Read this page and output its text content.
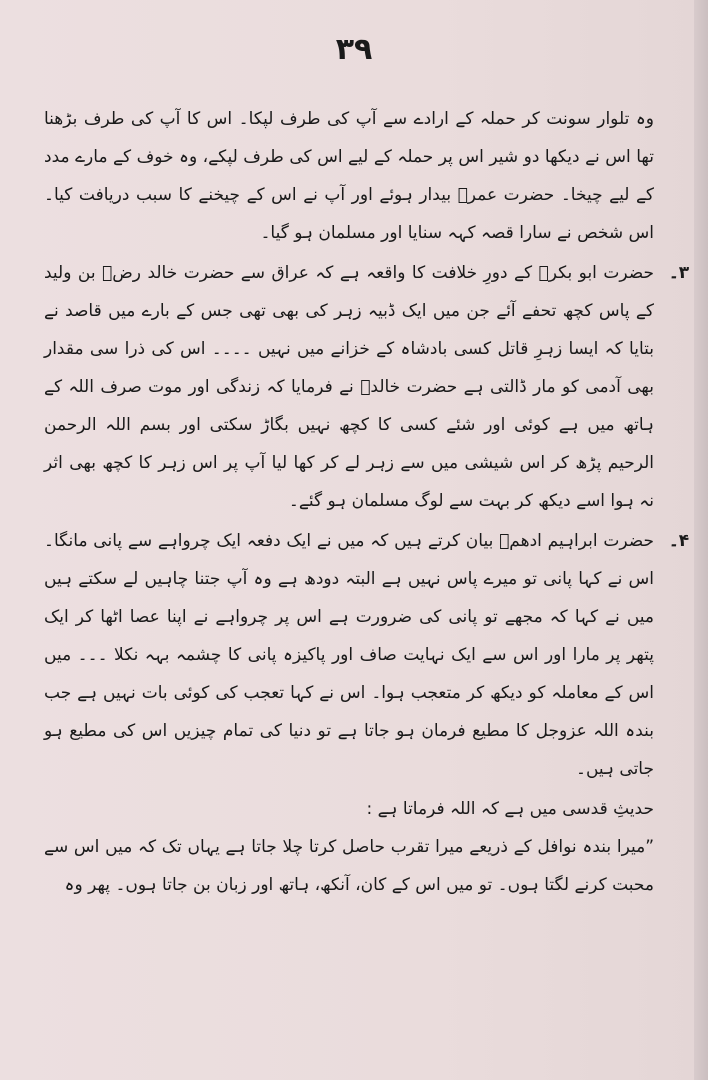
۳۹

وہ تلوار سونت کر حملہ کے ارادے سے آپ کی طرف لپکا۔ اس کا آپ کی طرف بڑھنا تھا اس نے دیکھا دو شیر اس پر حملہ کے لیے اس کی طرف لپکے، وہ خوف کے مارے مدد کے لیے چیخا۔ حضرت عمرؓ بیدار ہوئے اور آپ نے اس کے چیخنے کا سبب دریافت کیا۔ اس شخص نے سارا قصہ کہہ سنایا اور مسلمان ہو گیا۔

۳۔
حضرت ابو بکرؓ کے دورِ خلافت کا واقعہ ہے کہ عراق سے حضرت خالد رضؓ بن ولید کے پاس کچھ تحفے آئے جن میں ایک ڈبیہ زہر کی بھی تھی جس کے بارے میں قاصد نے بتایا کہ ایسا زہرِ قاتل کسی بادشاہ کے خزانے میں نہیں ۔۔۔۔ اس کی ذرا سی مقدار بھی آدمی کو مار ڈالتی ہے حضرت خالدؓ نے فرمایا کہ زندگی اور موت صرف اللہ کے ہاتھ میں ہے کوئی اور شئے کسی کا کچھ نہیں بگاڑ سکتی اور بسم اللہ الرحمن الرحیم پڑھ کر اس شیشی میں سے زہر لے کر کھا لیا آپ پر اس زہر کا کچھ بھی اثر نہ ہوا اسے دیکھ کر بہت سے لوگ مسلمان ہو گئے۔

۴۔
حضرت ابراہیم ادھمؒ بیان کرتے ہیں کہ میں نے ایک دفعہ ایک چرواہے سے پانی مانگا۔ اس نے کہا پانی تو میرے پاس نہیں ہے البتہ دودھ ہے وہ آپ جتنا چاہیں لے سکتے ہیں میں نے کہا کہ مجھے تو پانی کی ضرورت ہے اس پر چرواہے نے اپنا عصا اٹھا کر ایک پتھر پر مارا اور اس سے ایک نہایت صاف اور پاکیزہ پانی کا چشمہ بہہ نکلا ۔۔۔ میں اس کے معاملہ کو دیکھ کر متعجب ہوا۔ اس نے کہا تعجب کی کوئی بات نہیں ہے جب بندہ اللہ عزوجل کا مطیع فرمان ہو جاتا ہے تو دنیا کی تمام چیزیں اس کی مطیع ہو جاتی ہیں۔

حدیثِ قدسی میں ہے کہ اللہ فرماتا ہے :

”میرا بندہ نوافل کے ذریعے میرا تقرب حاصل کرتا چلا جاتا ہے یہاں تک کہ میں اس سے محبت کرنے لگتا ہوں۔ تو میں اس کے کان، آنکھ، ہاتھ اور زبان بن جاتا ہوں۔ پھر وہ
